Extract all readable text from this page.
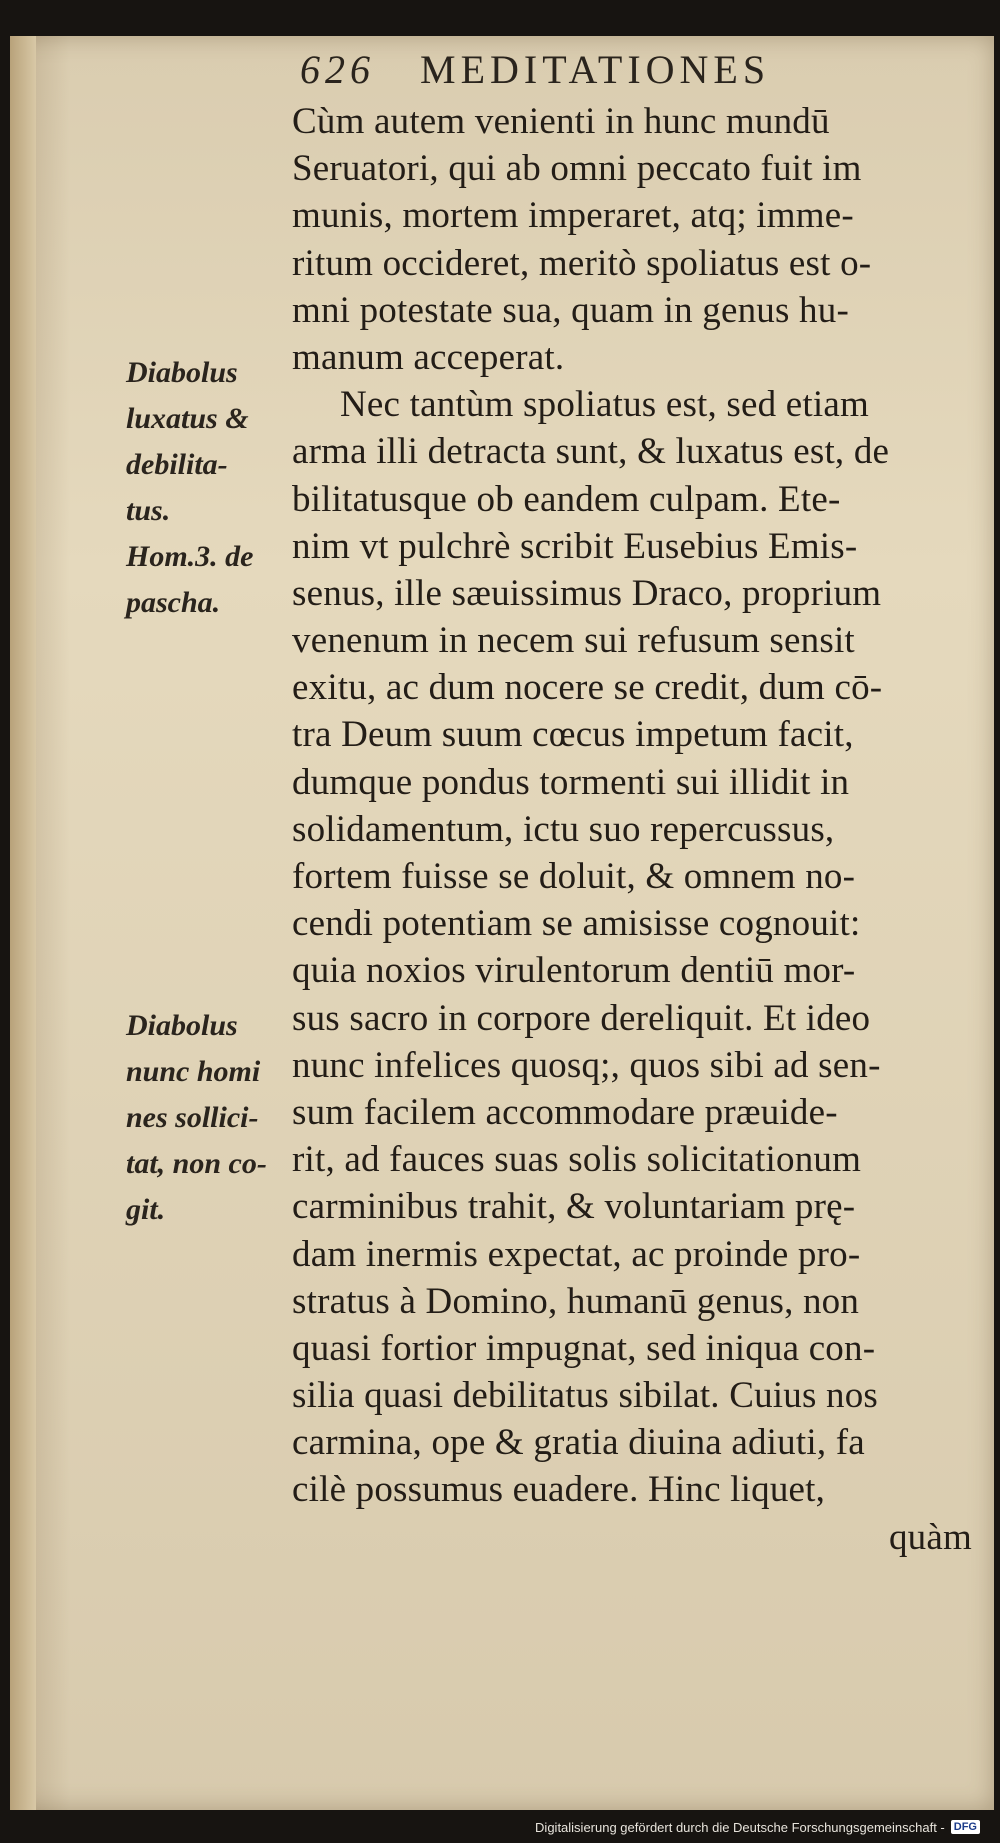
626 MEDITATIONES
Diabolus
luxatus &
debilita-
tus.
Hom.3. de
pascha.
Diabolus
nunc homi
nes sollici-
tat, non co-
git.
Cùm autem venienti in hunc mundū
Seruatori, qui ab omni peccato fuit im
munis, mortem imperaret, atq; imme-
ritum occideret, meritò spoliatus est o-
mni potestate sua, quam in genus hu-
manum acceperat.
Nec tantùm spoliatus est, sed etiam
arma illi detracta sunt, & luxatus est, de
bilitatusque ob eandem culpam. Ete-
nim vt pulchrè scribit Eusebius Emis-
senus, ille sæuissimus Draco, proprium
venenum in necem sui refusum sensit
exitu, ac dum nocere se credit, dum cō-
tra Deum suum cœcus impetum facit,
dumque pondus tormenti sui illidit in
solidamentum, ictu suo repercussus,
fortem fuisse se doluit, & omnem no-
cendi potentiam se amisisse cognouit:
quia noxios virulentorum dentiū mor-
sus sacro in corpore dereliquit. Et ideo
nunc infelices quosq;, quos sibi ad sen-
sum facilem accommodare præuide-
rit, ad fauces suas solis solicitationum
carminibus trahit, & voluntariam prę-
dam inermis expectat, ac proinde pro-
stratus à Domino, humanū genus, non
quasi fortior impugnat, sed iniqua con-
silia quasi debilitatus sibilat. Cuius nos
carmina, ope & gratia diuina adiuti, fa
cilè possumus euadere. Hinc liquet,
quàm
Digitalisierung gefördert durch die Deutsche Forschungsgemeinschaft - DFG
